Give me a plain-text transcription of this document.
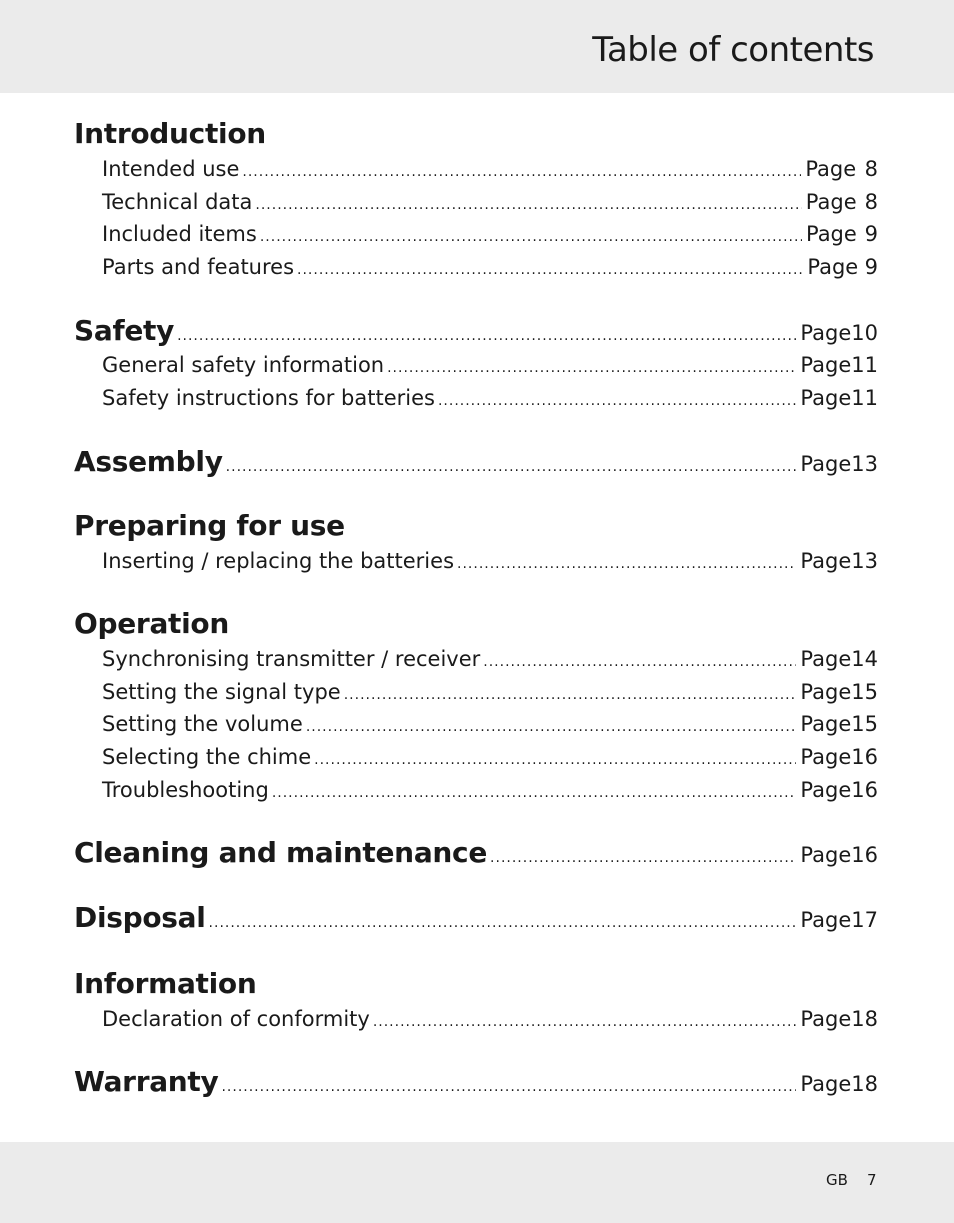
Table of contents
Introduction
Intended use .....	Page 8
Technical data .....	Page 8
Included items .....	Page 9
Parts and features .....	Page 9
Safety .....	Page 10
General safety information .....	Page 11
Safety instructions for batteries .....	Page 11
Assembly .....	Page 13
Preparing for use
Inserting / replacing the batteries .....	Page 13
Operation
Synchronising transmitter / receiver .....	Page 14
Setting the signal type .....	Page 15
Setting the volume .....	Page 15
Selecting the chime .....	Page 16
Troubleshooting .....	Page 16
Cleaning and maintenance .....	Page 16
Disposal .....	Page 17
Information
Declaration of conformity .....	Page 18
Warranty .....	Page 18
GB 7
